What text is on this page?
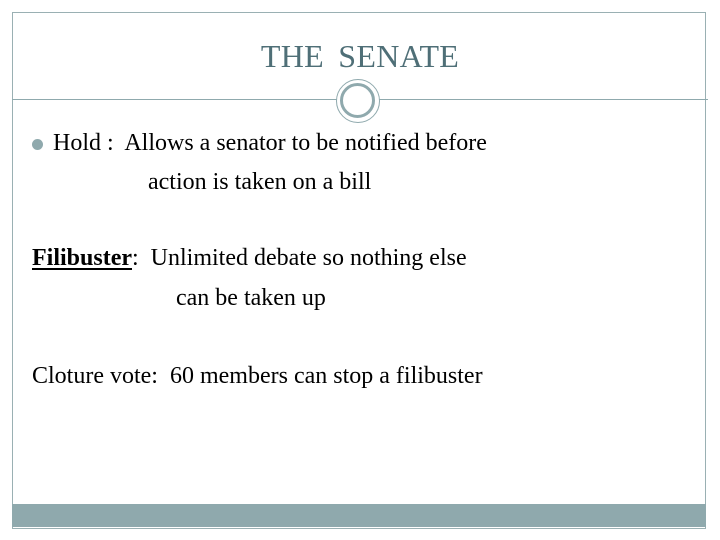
THE SENATE
Hold :  Allows a senator to be notified before
action is taken on a bill
Filibuster:  Unlimited debate so nothing else
can be taken up
Cloture vote:  60 members can stop a filibuster
